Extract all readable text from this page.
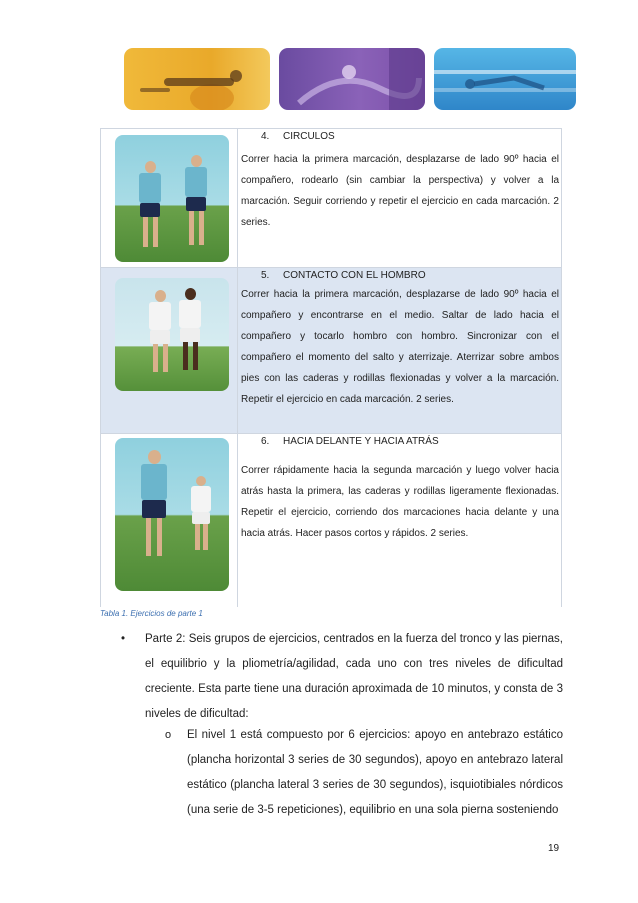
4. CIRCULOS
Correr hacia la primera marcación, desplazarse de lado 90º hacia el compañero, rodearlo (sin cambiar la perspectiva) y volver a la marcación. Seguir corriendo y repetir el ejercicio en cada marcación. 2 series.
5. CONTACTO CON EL HOMBRO
Correr hacia la primera marcación, desplazarse de lado 90º hacia el compañero y encontrarse en el medio. Saltar de lado hacia el compañero y tocarlo hombro con hombro. Sincronizar con el compañero el momento del salto y aterrizaje. Aterrizar sobre ambos pies con las caderas y rodillas flexionadas y volver a la marcación. Repetir el ejercicio en cada marcación. 2 series.
6. HACIA DELANTE Y HACIA ATRÁS
Correr rápidamente hacia la segunda marcación y luego volver hacia atrás hasta la primera, las caderas y rodillas ligeramente flexionadas. Repetir el ejercicio, corriendo dos marcaciones hacia delante y una hacia atrás. Hacer pasos cortos y rápidos. 2 series.
Tabla 1. Ejercicios de parte 1
• Parte 2: Seis grupos de ejercicios, centrados en la fuerza del tronco y las piernas, el equilibrio y la pliometría/agilidad, cada uno con tres niveles de dificultad creciente. Esta parte tiene una duración aproximada de 10 minutos, y consta de 3 niveles de dificultad:
o El nivel 1 está compuesto por 6 ejercicios: apoyo en antebrazo estático (plancha horizontal 3 series de 30 segundos), apoyo en antebrazo lateral estático (plancha lateral 3 series de 30 segundos), isquiotibiales nórdicos (una serie de 3-5 repeticiones), equilibrio en una sola pierna sosteniendo
19
